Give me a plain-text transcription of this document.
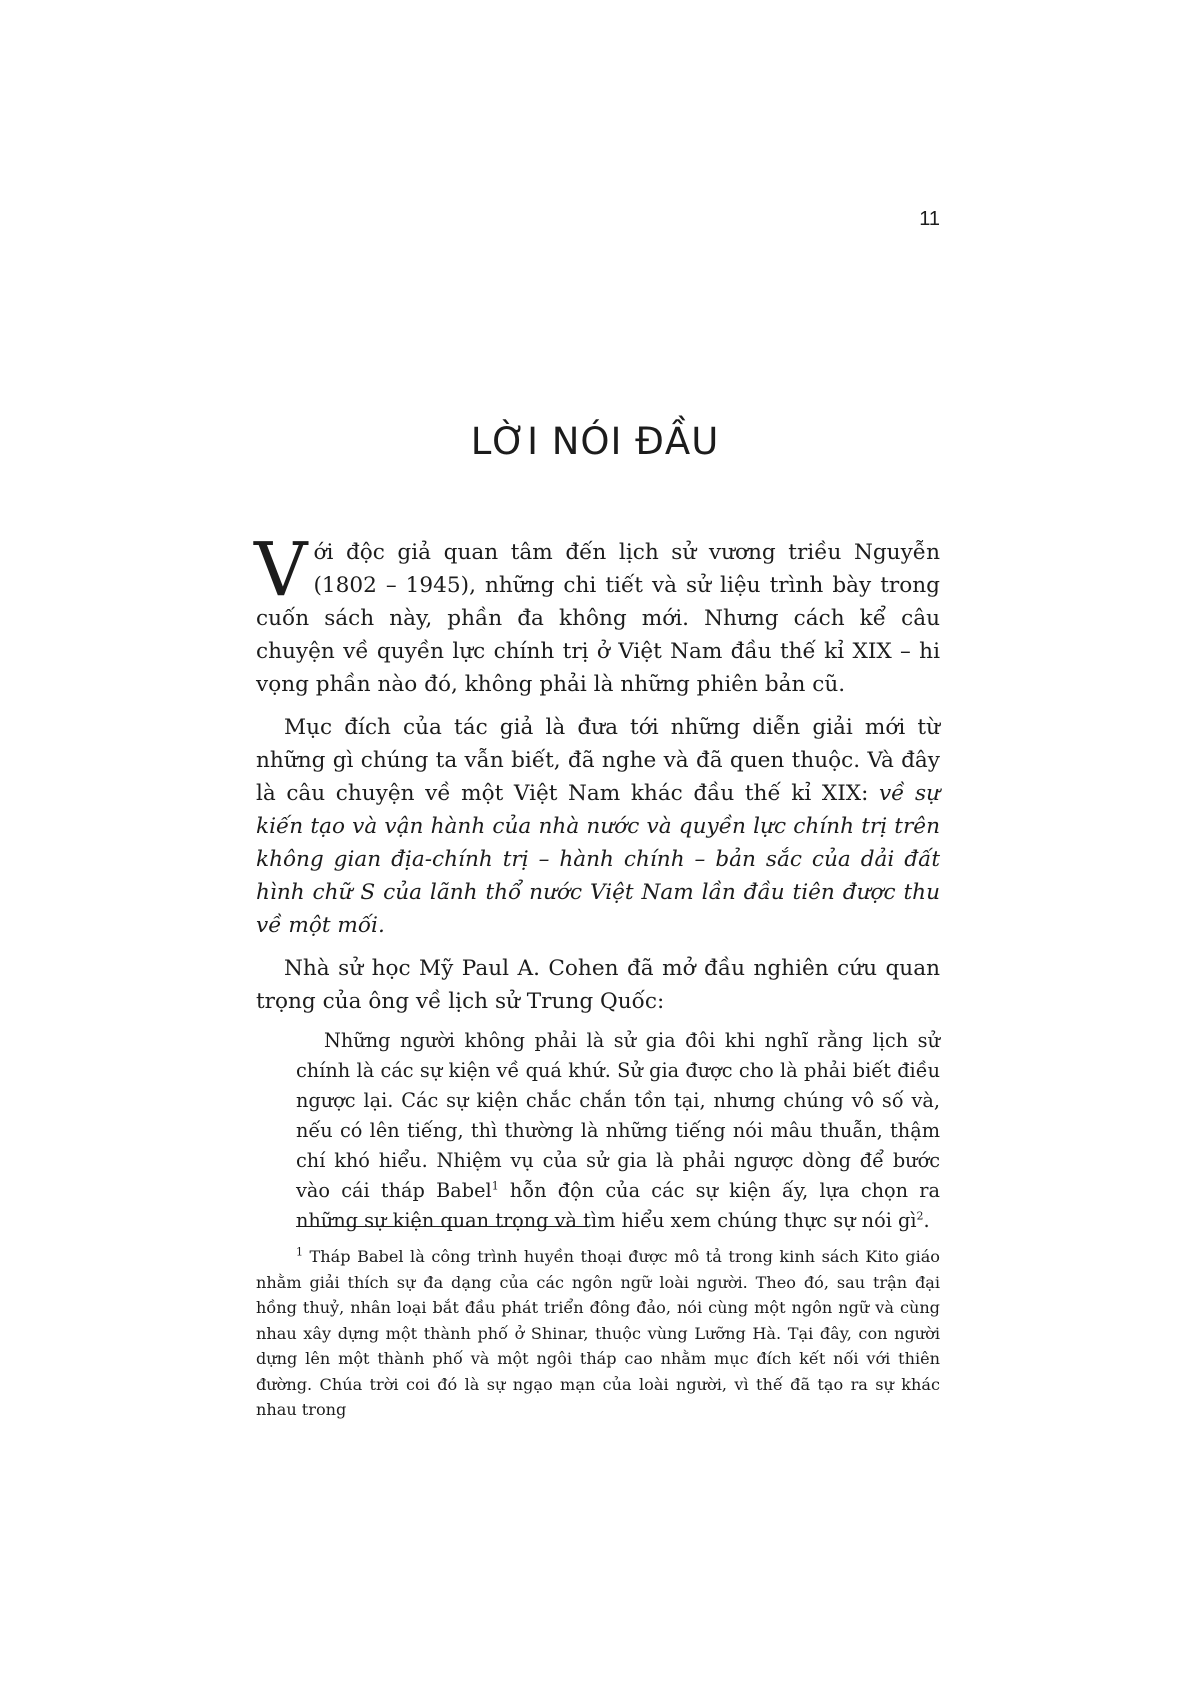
11
LỜI NÓI ĐẦU

Với độc giả quan tâm đến lịch sử vương triều Nguyễn (1802 – 1945), những chi tiết và sử liệu trình bày trong cuốn sách này, phần đa không mới. Nhưng cách kể câu chuyện về quyền lực chính trị ở Việt Nam đầu thế kỉ XIX – hi vọng phần nào đó, không phải là những phiên bản cũ.

Mục đích của tác giả là đưa tới những diễn giải mới từ những gì chúng ta vẫn biết, đã nghe và đã quen thuộc. Và đây là câu chuyện về một Việt Nam khác đầu thế kỉ XIX: về sự kiến tạo và vận hành của nhà nước và quyền lực chính trị trên không gian địa-chính trị – hành chính – bản sắc của dải đất hình chữ S của lãnh thổ nước Việt Nam lần đầu tiên được thu về một mối.

Nhà sử học Mỹ Paul A. Cohen đã mở đầu nghiên cứu quan trọng của ông về lịch sử Trung Quốc:

Những người không phải là sử gia đôi khi nghĩ rằng lịch sử chính là các sự kiện về quá khứ. Sử gia được cho là phải biết điều ngược lại. Các sự kiện chắc chắn tồn tại, nhưng chúng vô số và, nếu có lên tiếng, thì thường là những tiếng nói mâu thuẫn, thậm chí khó hiểu. Nhiệm vụ của sử gia là phải ngược dòng để bước vào cái tháp Babel$^1$ hỗn độn của các sự kiện ấy, lựa chọn ra những sự kiện quan trọng và tìm hiểu xem chúng thực sự nói $gì^2$.

$^1$ Tháp Babel là công trình huyền thoại được mô tả trong kinh sách Kito giáo nhằm giải thích sự đa dạng của các ngôn ngữ loài người. Theo đó, sau trận đại hồng thuỷ, nhân loại bắt đầu phát triển đông đảo, nói cùng một ngôn ngữ và cùng nhau xây dựng một thành phố ở Shinar, thuộc vùng Lưỡng Hà. Tại đây, con người dựng lên một thành phố và một ngôi tháp cao nhằm mục đích kết nối với thiên đường. Chúa trời coi đó là sự ngạo mạn của loài người, vì thế đã tạo ra sự khác nhau trong
